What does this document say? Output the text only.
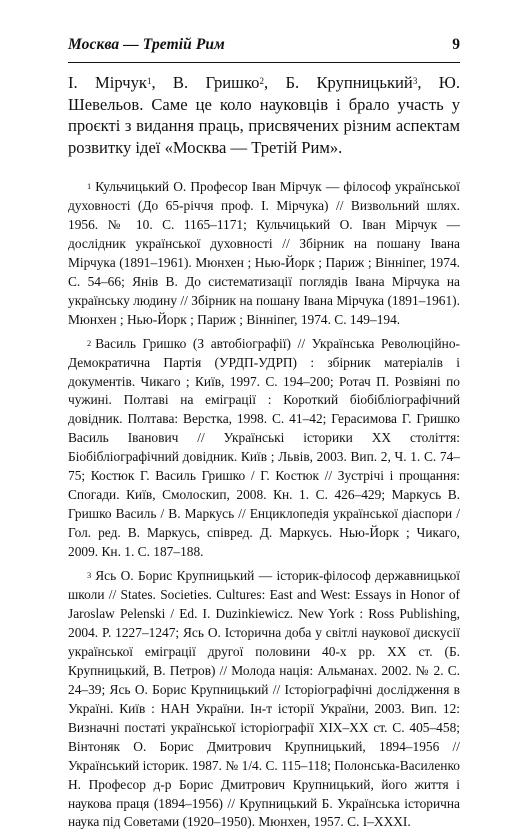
Москва — Третій Рим	9

І. Мірчук$^1$, В. Гришко$^2$, Б. Крупницький$^3$, Ю. Шевельов. Саме це коло науковців і брало участь у проєкті з видання праць, присвячених різним аспектам розвитку ідеї «Москва — Третій Рим».

$^1$ Кульчицький О. Професор Іван Мірчук — філософ української духовності (До 65-річчя проф. І. Мірчука) // Визвольний шлях. 1956. № 10. С. 1165–1171; Кульчицький О. Іван Мірчук — дослідник української духовності // Збірник на пошану Івана Мірчука (1891–1961). Мюнхен ; Нью-Йорк ; Париж ; Вінніпег, 1974. С. 54–66; Янів В. До систематизації поглядів Івана Мірчука на українську людину // Збірник на пошану Івана Мірчука (1891–1961). Мюнхен ; Нью-Йорк ; Париж ; Вінніпег, 1974. С. 149–194.

$^2$ Василь Гришко (З автобіографії) // Українська Революційно-Демократична Партія (УРДП-УДРП) : збірник матеріалів і документів. Чикаго ; Київ, 1997. С. 194–200; Ротач П. Розвіяні по чужині. Полтаві на еміграції : Короткий біобібліографічний довідник. Полтава: Верстка, 1998. С. 41–42; Герасимова Г. Гришко Василь Іванович // Українські історики XX століття: Біобібліографічний довідник. Київ ; Львів, 2003. Вип. 2, Ч. 1. С. 74–75; Костюк Г. Василь Гришко / Г. Костюк // Зустрічі і прощання: Спогади. Київ, Смолоскип, 2008. Кн. 1. С. 426–429; Маркусь В. Гришко Василь / В. Маркусь // Енциклопедія української діаспори / Гол. ред. В. Маркусь, співред. Д. Маркусь. Нью-Йорк ; Чикаго, 2009. Кн. 1. С. 187–188.

$^3$ Ясь О. Борис Крупницький — історик-філософ державницької школи // States. Societies. Cultures: East and West: Essays in Honor of Jaroslaw Pelenski / Ed. I. Duzinkiewicz. New York : Ross Publishing, 2004. P. 1227–1247; Ясь О. Історична доба у світлі наукової дискусії української еміграції другої половини 40-х рр. XX ст. (Б. Крупницький, В. Петров) // Молода нація: Альманах. 2002. № 2. С. 24–39; Ясь О. Борис Крупницький // Історіографічні дослідження в Україні. Київ : НАН України. Ін-т історії України, 2003. Вип. 12: Визначні постаті української історіографії XIX–XX ст. С. 405–458; Вінтоняк О. Борис Дмитрович Крупницький, 1894–1956 // Український історик. 1987. № 1/4. С. 115–118; Полонська-Василенко Н. Професор д-р Борис Дмитрович Крупницький, його життя і наукова праця (1894–1956) // Крупницький Б. Українська історична наука під Советами (1920–1950). Мюнхен, 1957. С. I–XXXI.
